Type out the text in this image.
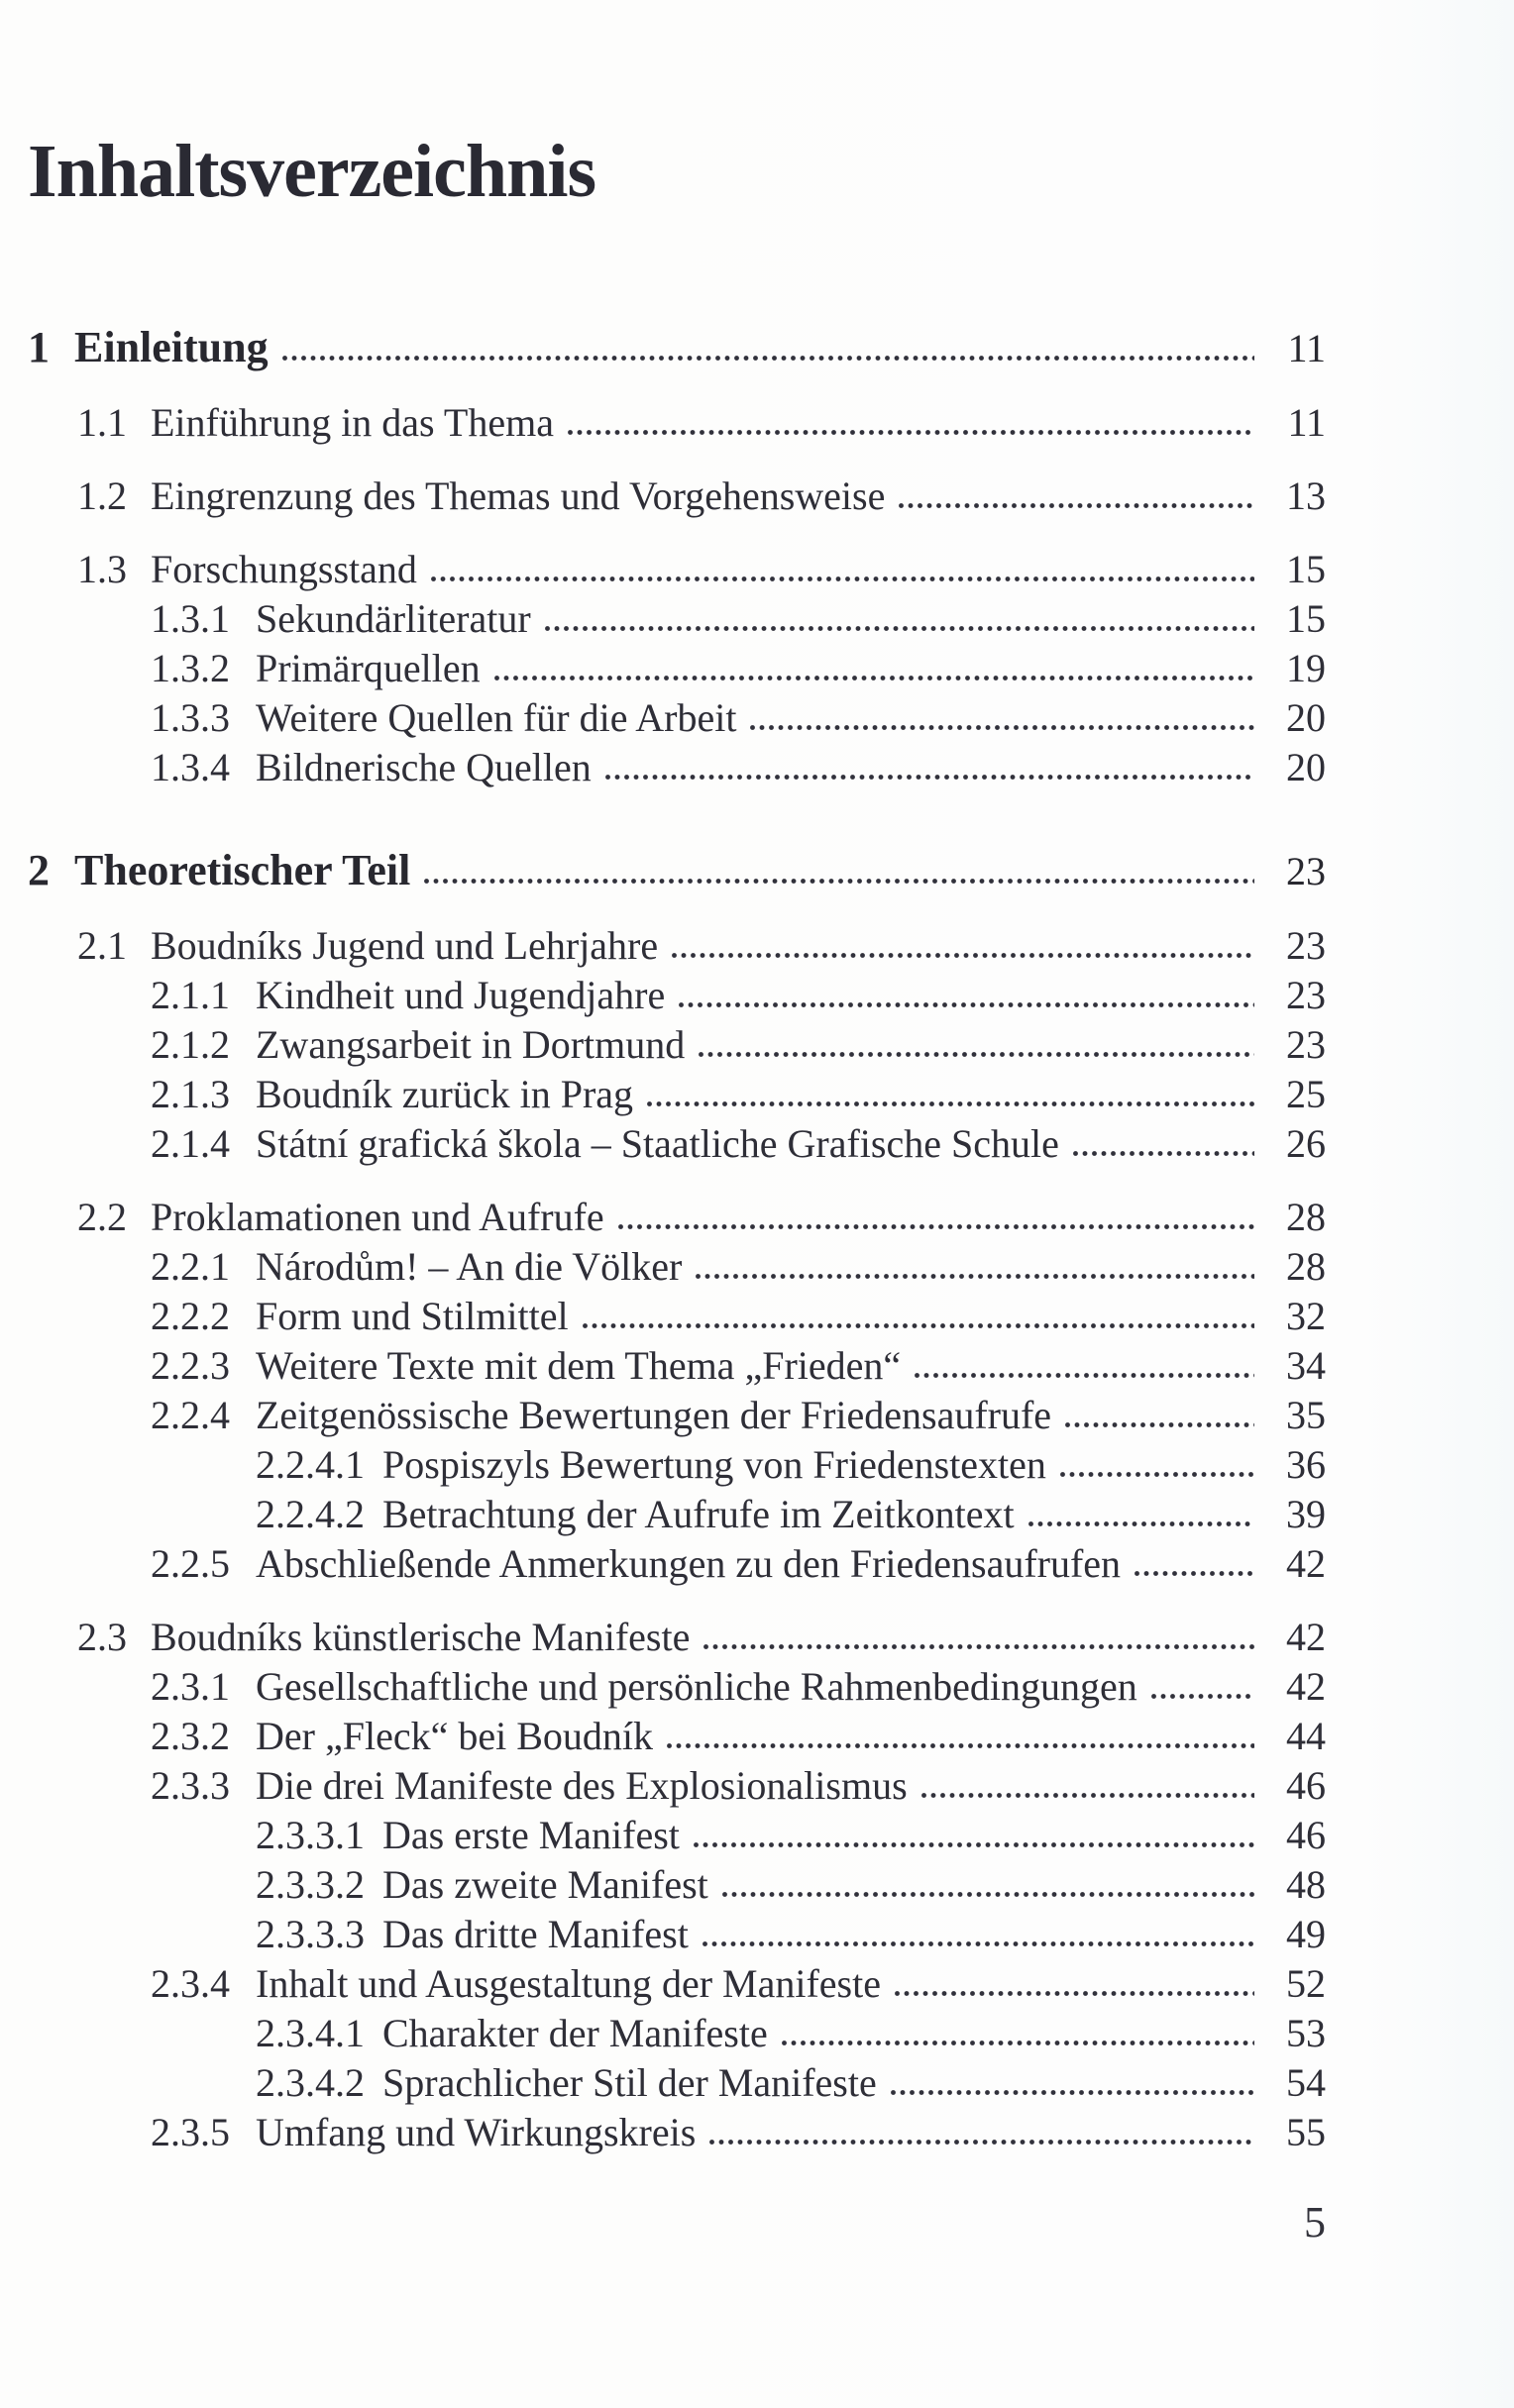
Inhaltsverzeichnis
1 Einleitung	11
1.1 Einführung in das Thema	11
1.2 Eingrenzung des Themas und Vorgehensweise	13
1.3 Forschungsstand	15
1.3.1 Sekundärliteratur	15
1.3.2 Primärquellen	19
1.3.3 Weitere Quellen für die Arbeit	20
1.3.4 Bildnerische Quellen	20
2 Theoretischer Teil	23
2.1 Boudníks Jugend und Lehrjahre	23
2.1.1 Kindheit und Jugendjahre	23
2.1.2 Zwangsarbeit in Dortmund	23
2.1.3 Boudník zurück in Prag	25
2.1.4 Státní grafická škola – Staatliche Grafische Schule	26
2.2 Proklamationen und Aufrufe	28
2.2.1 Národům! – An die Völker	28
2.2.2 Form und Stilmittel	32
2.2.3 Weitere Texte mit dem Thema „Frieden“	34
2.2.4 Zeitgenössische Bewertungen der Friedensaufrufe	35
2.2.4.1 Pospiszyls Bewertung von Friedenstexten	36
2.2.4.2 Betrachtung der Aufrufe im Zeitkontext	39
2.2.5 Abschließende Anmerkungen zu den Friedensaufrufen	42
2.3 Boudníks künstlerische Manifeste	42
2.3.1 Gesellschaftliche und persönliche Rahmenbedingungen	42
2.3.2 Der „Fleck“ bei Boudník	44
2.3.3 Die drei Manifeste des Explosionalismus	46
2.3.3.1 Das erste Manifest	46
2.3.3.2 Das zweite Manifest	48
2.3.3.3 Das dritte Manifest	49
2.3.4 Inhalt und Ausgestaltung der Manifeste	52
2.3.4.1 Charakter der Manifeste	53
2.3.4.2 Sprachlicher Stil der Manifeste	54
2.3.5 Umfang und Wirkungskreis	55
5
